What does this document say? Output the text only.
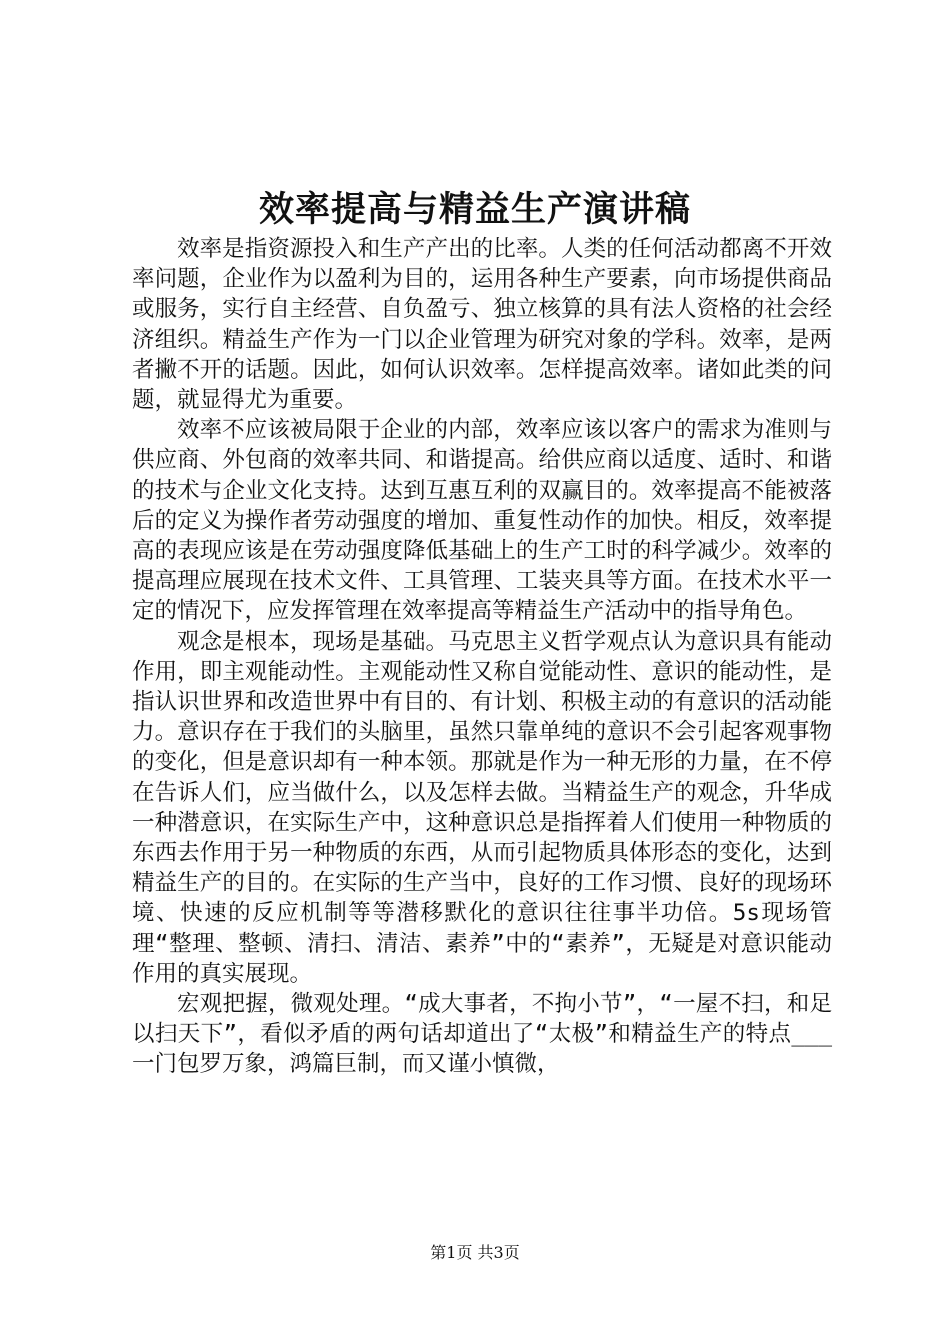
效率提高与精益生产演讲稿

效率是指资源投入和生产产出的比率。人类的任何活动都离不开效率问题，企业作为以盈利为目的，运用各种生产要素，向市场提供商品或服务，实行自主经营、自负盈亏、独立核算的具有法人资格的社会经济组织。精益生产作为一门以企业管理为研究对象的学科。效率，是两者撇不开的话题。因此，如何认识效率。怎样提高效率。诸如此类的问题，就显得尤为重要。

效率不应该被局限于企业的内部，效率应该以客户的需求为准则与供应商、外包商的效率共同、和谐提高。给供应商以适度、适时、和谐的技术与企业文化支持。达到互惠互利的双赢目的。效率提高不能被落后的定义为操作者劳动强度的增加、重复性动作的加快。相反，效率提高的表现应该是在劳动强度降低基础上的生产工时的科学减少。效率的提高理应展现在技术文件、工具管理、工装夹具等方面。在技术水平一定的情况下，应发挥管理在效率提高等精益生产活动中的指导角色。

观念是根本，现场是基础。马克思主义哲学观点认为意识具有能动作用，即主观能动性。主观能动性又称自觉能动性、意识的能动性，是指认识世界和改造世界中有目的、有计划、积极主动的有意识的活动能力。意识存在于我们的头脑里，虽然只靠单纯的意识不会引起客观事物的变化，但是意识却有一种本领。那就是作为一种无形的力量，在不停在告诉人们，应当做什么，以及怎样去做。当精益生产的观念，升华成一种潜意识，在实际生产中，这种意识总是指挥着人们使用一种物质的东西去作用于另一种物质的东西，从而引起物质具体形态的变化，达到精益生产的目的。在实际的生产当中，良好的工作习惯、良好的现场环境、快速的反应机制等等潜移默化的意识往往事半功倍。5s现场管理“整理、整顿、清扫、清洁、素养”中的“素养”，无疑是对意识能动作用的真实展现。

宏观把握，微观处理。“成大事者，不拘小节”，“一屋不扫，和足以扫天下”，看似矛盾的两句话却道出了“太极”和精益生产的特点___一门包罗万象，鸿篇巨制，而又谨小慎微，

第1页 共3页
